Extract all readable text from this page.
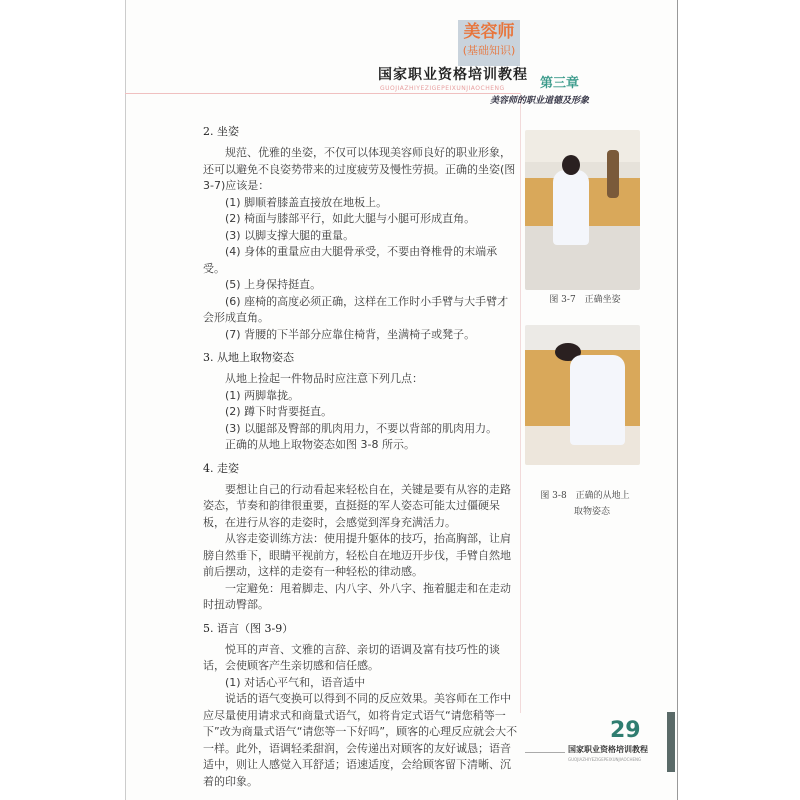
美容师
(基础知识)
国家职业资格培训教程
GUOJIAZHIYEZIGEPEIXUNJIAOCHENG	第三章
美容师的职业道德及形象
2. 坐姿

规范、优雅的坐姿，不仅可以体现美容师良好的职业形象，还可以避免不良姿势带来的过度疲劳及慢性劳损。正确的坐姿(图3-7)应该是：

(1) 脚顺着膝盖直接放在地板上。

(2) 椅面与膝部平行，如此大腿与小腿可形成直角。

(3) 以脚支撑大腿的重量。

(4) 身体的重量应由大腿骨承受，不要由脊椎骨的末端承受。

(5) 上身保持挺直。

(6) 座椅的高度必须正确，这样在工作时小手臂与大手臂才会形成直角。

(7) 背腰的下半部分应靠住椅背，坐满椅子或凳子。

3. 从地上取物姿态

从地上捡起一件物品时应注意下列几点：

(1) 两脚靠拢。

(2) 蹲下时背要挺直。

(3) 以腿部及臀部的肌肉用力，不要以背部的肌肉用力。

正确的从地上取物姿态如图 3-8 所示。

4. 走姿

要想让自己的行动看起来轻松自在，关键是要有从容的走路姿态，节奏和韵律很重要，直挺挺的军人姿态可能太过僵硬呆板，在进行从容的走姿时，会感觉到浑身充满活力。

从容走姿训练方法：使用提升躯体的技巧，抬高胸部，让肩膀自然垂下，眼睛平视前方，轻松自在地迈开步伐，手臂自然地前后摆动，这样的走姿有一种轻松的律动感。

一定避免：甩着脚走、内八字、外八字、拖着腿走和在走动时扭动臀部。

5. 语言（图 3-9）

悦耳的声音、文雅的言辞、亲切的语调及富有技巧性的谈话，会使顾客产生亲切感和信任感。

(1) 对话心平气和，语音适中

说话的语气变换可以得到不同的反应效果。美容师在工作中应尽量使用请求式和商量式语气，如将肯定式语气“请您稍等一下”改为商量式语气“请您等一下好吗”，顾客的心理反应就会大不一样。此外，语调轻柔甜润，会传递出对顾客的友好诚恳；语音适中，则让人感觉入耳舒适；语速适度，会给顾客留下清晰、沉着的印象。

图 3-7　正确坐姿
图 3-8　正确的从地上
取物姿态
29
国家职业资格培训教程
GUOJIAZHIYEZIGEPEIXUNJIAOCHENG
